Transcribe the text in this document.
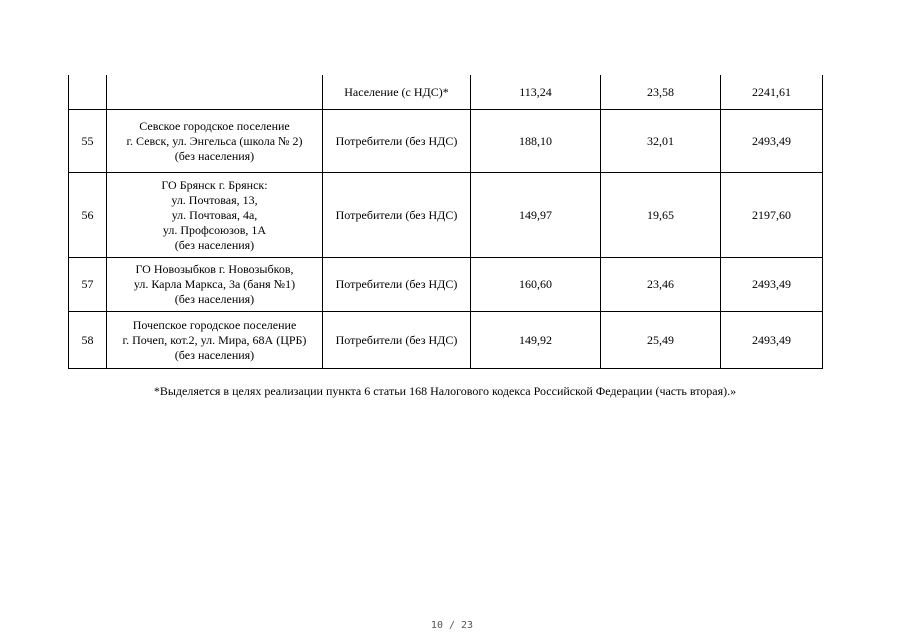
		Население (с НДС)*	113,24	23,58	2241,61
55	Севское городское поселение
г. Севск, ул. Энгельса (школа № 2)
(без населения)	Потребители (без НДС)	188,10	32,01	2493,49
56	ГО Брянск г. Брянск:
ул. Почтовая, 13,
ул. Почтовая, 4а,
ул. Профсоюзов, 1А
(без населения)	Потребители (без НДС)	149,97	19,65	2197,60
57	ГО Новозыбков г. Новозыбков,
ул. Карла Маркса, 3а (баня №1)
(без населения)	Потребители (без НДС)	160,60	23,46	2493,49
58	Почепское городское поселение
г. Почеп, кот.2, ул. Мира, 68А (ЦРБ)
(без населения)	Потребители (без НДС)	149,92	25,49	2493,49
*Выделяется в целях реализации пункта 6 статьи 168 Налогового кодекса Российской Федерации (часть вторая).»
10 / 23
